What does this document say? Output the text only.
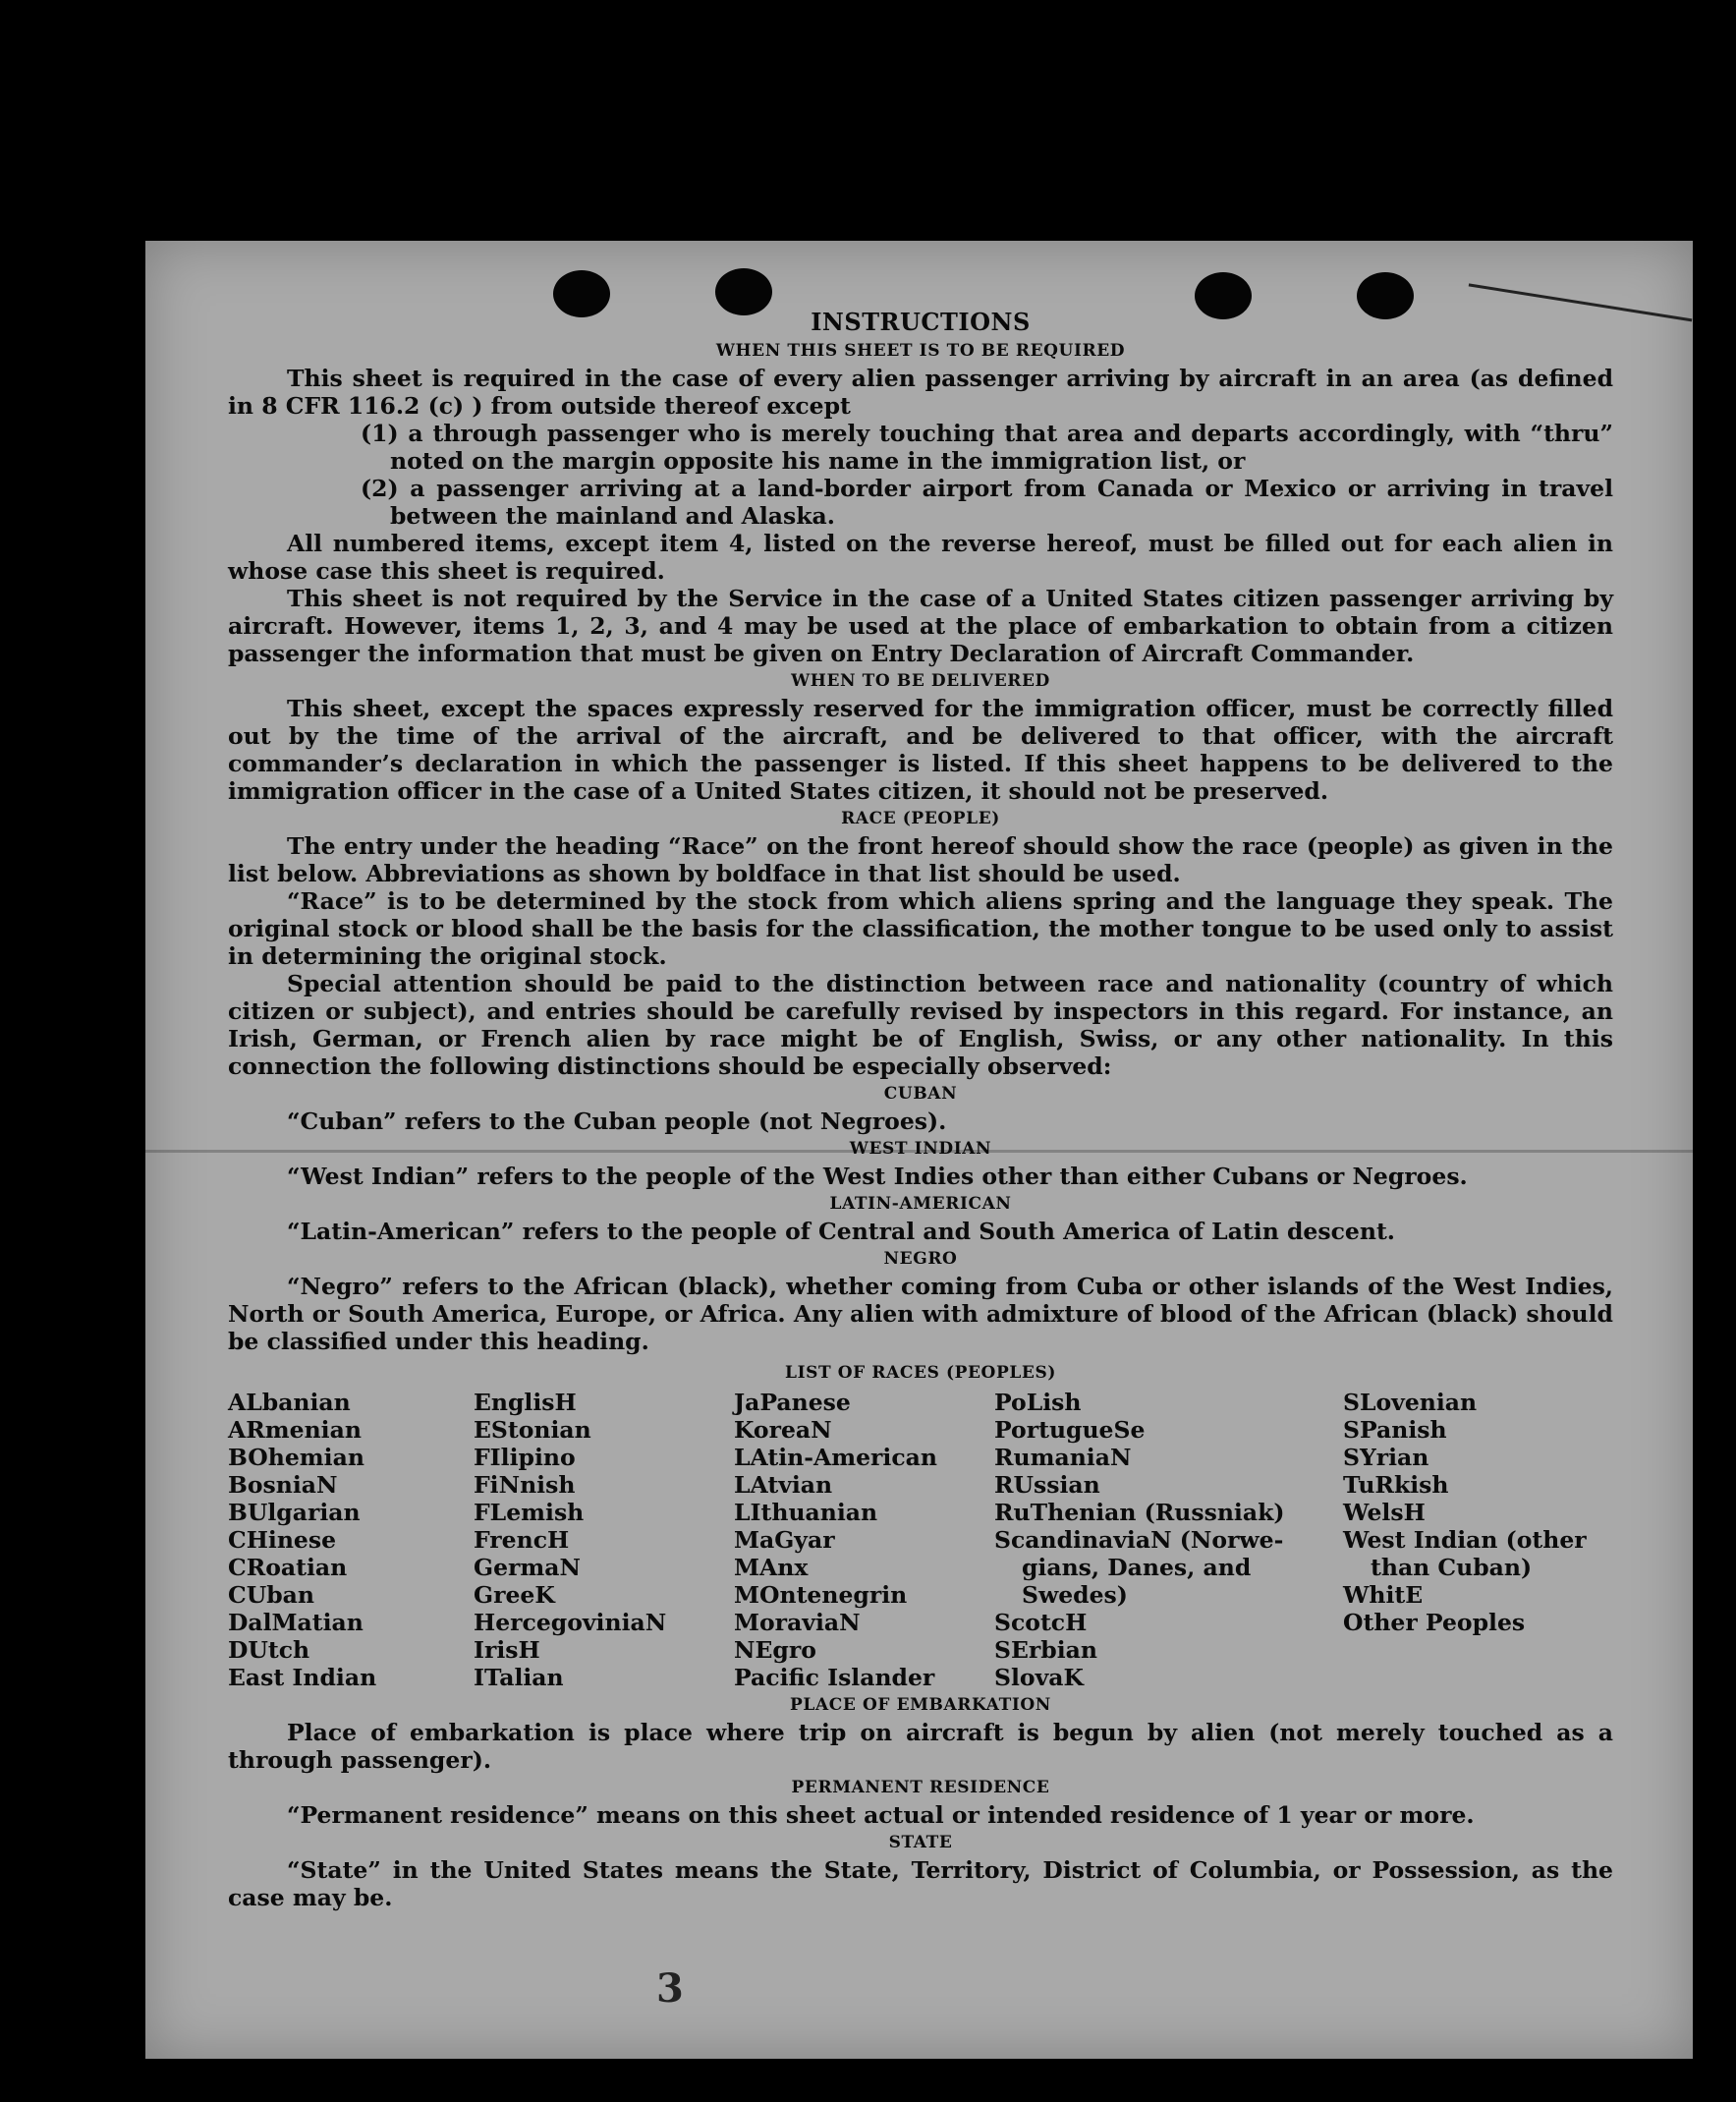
INSTRUCTIONS
WHEN THIS SHEET IS TO BE REQUIRED

This sheet is required in the case of every alien passenger arriving by aircraft in an area (as defined in 8 CFR 116.2 (c) ) from outside thereof except

(1) a through passenger who is merely touching that area and departs accordingly, with “thru” noted on the margin opposite his name in the immigration list, or

(2) a passenger arriving at a land-border airport from Canada or Mexico or arriving in travel between the mainland and Alaska.

All numbered items, except item 4, listed on the reverse hereof, must be filled out for each alien in whose case this sheet is required.

This sheet is not required by the Service in the case of a United States citizen passenger arriving by aircraft. However, items 1, 2, 3, and 4 may be used at the place of embarkation to obtain from a citizen passenger the information that must be given on Entry Declaration of Aircraft Commander.

WHEN TO BE DELIVERED

This sheet, except the spaces expressly reserved for the immigration officer, must be correctly filled out by the time of the arrival of the aircraft, and be delivered to that officer, with the aircraft commander’s declaration in which the passenger is listed. If this sheet happens to be delivered to the immigration officer in the case of a United States citizen, it should not be preserved.

RACE (PEOPLE)

The entry under the heading “Race” on the front hereof should show the race (people) as given in the list below. Abbreviations as shown by boldface in that list should be used.

“Race” is to be determined by the stock from which aliens spring and the language they speak. The original stock or blood shall be the basis for the classification, the mother tongue to be used only to assist in determining the original stock.

Special attention should be paid to the distinction between race and nationality (country of which citizen or subject), and entries should be carefully revised by inspectors in this regard. For instance, an Irish, German, or French alien by race might be of English, Swiss, or any other nationality. In this connection the following distinctions should be especially observed:

CUBAN

“Cuban” refers to the Cuban people (not Negroes).

WEST INDIAN

“West Indian” refers to the people of the West Indies other than either Cubans or Negroes.

LATIN-AMERICAN

“Latin-American” refers to the people of Central and South America of Latin descent.

NEGRO

“Negro” refers to the African (black), whether coming from Cuba or other islands of the West Indies, North or South America, Europe, or Africa. Any alien with admixture of blood of the African (black) should be classified under this heading.

LIST OF RACES (PEOPLES)
ALbanian
ARmenian
BOhemian
BosniaN
BUlgarian
CHinese
CRoatian
CUban
DalMatian
DUtch
East Indian
EnglisH
EStonian
FIlipino
FiNnish
FLemish
FrencH
GermaN
GreeK
HercegoviniaN
IrisH
ITalian
JaPanese
KoreaN
LAtin-American
LAtvian
LIthuanian
MaGyar
MAnx
MOntenegrin
MoraviaN
NEgro
Pacific Islander
PoLish
PortugueSe
RumaniaN
RUssian
RuThenian (Russniak)
ScandinaviaN (Norwe-
gians, Danes, and
Swedes)
ScotcH
SErbian
SlovaK
SLovenian
SPanish
SYrian
TuRkish
WelsH
West Indian (other
than Cuban)
WhitE
Other Peoples
PLACE OF EMBARKATION

Place of embarkation is place where trip on aircraft is begun by alien (not merely touched as a through passenger).

PERMANENT RESIDENCE

“Permanent residence” means on this sheet actual or intended residence of 1 year or more.

STATE

“State” in the United States means the State, Territory, District of Columbia, or Possession, as the case may be.

3
